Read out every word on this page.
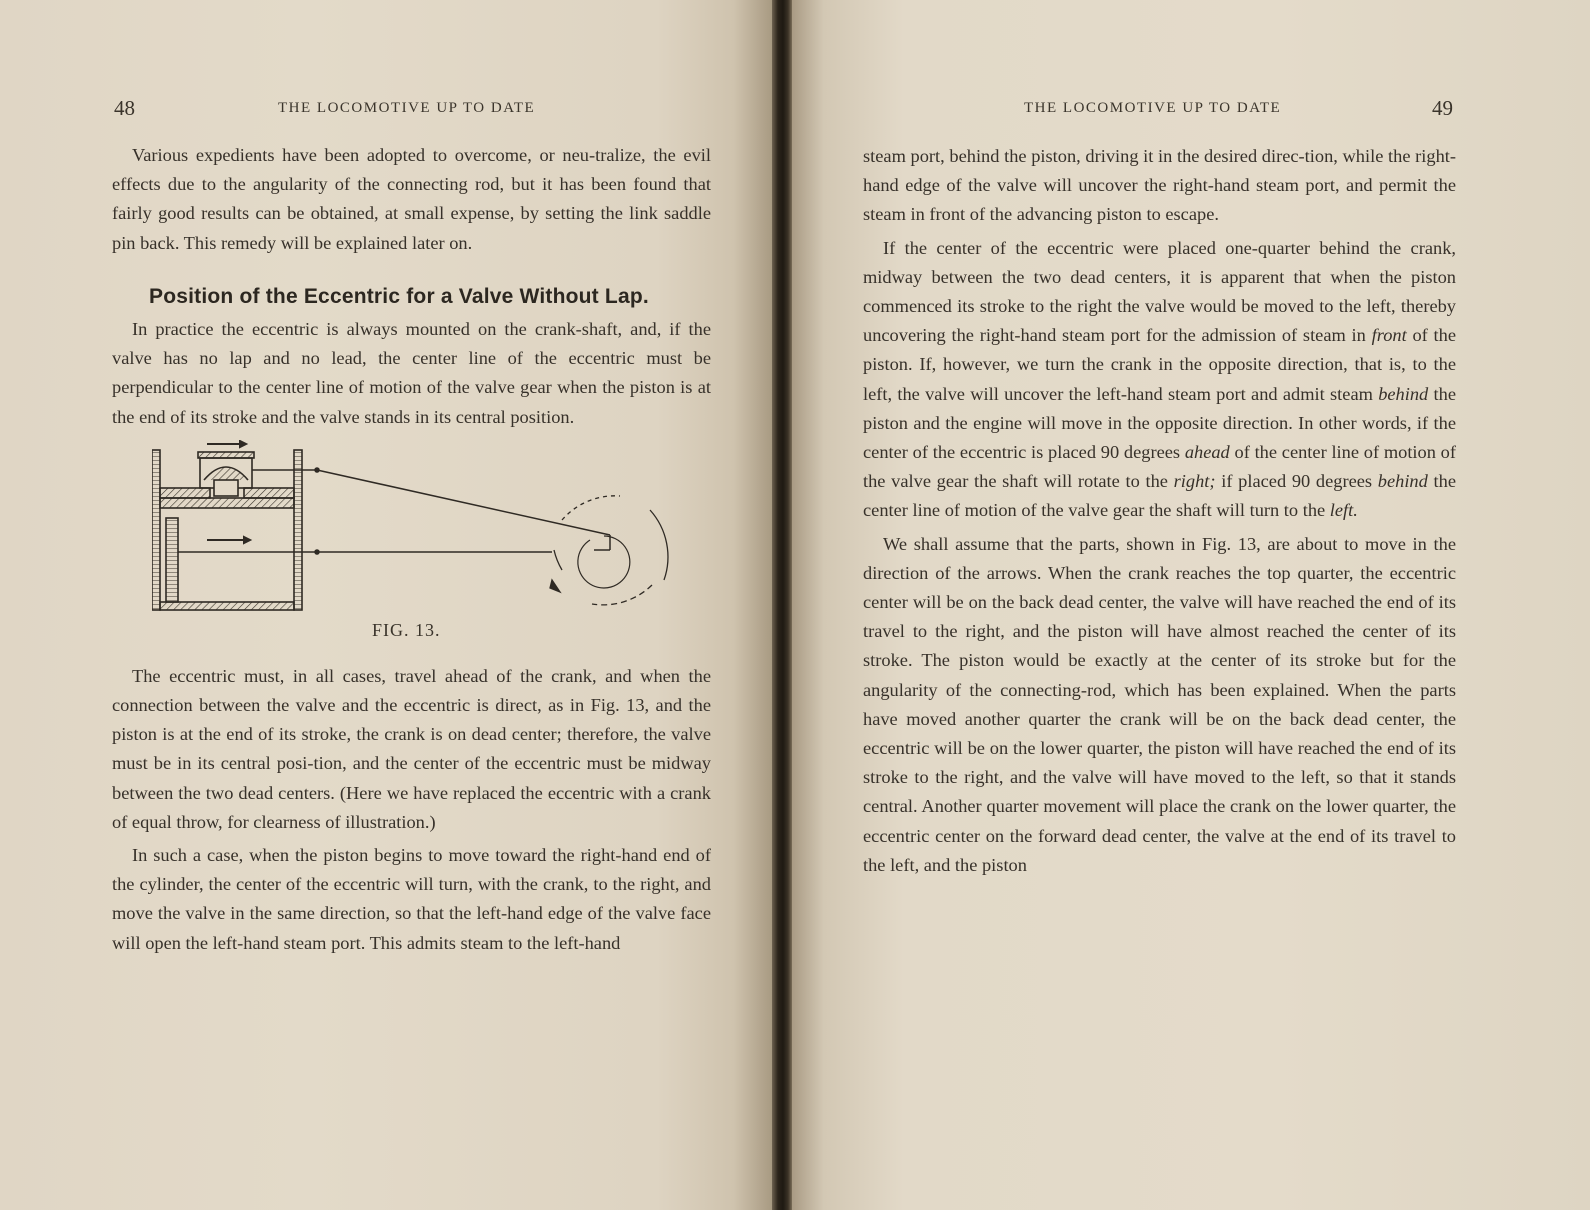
48	THE LOCOMOTIVE UP TO DATE

Various expedients have been adopted to overcome, or neu-tralize, the evil effects due to the angularity of the connecting rod, but it has been found that fairly good results can be obtained, at small expense, by setting the link saddle pin back. This remedy will be explained later on.

Position of the Eccentric for a Valve Without Lap.

In practice the eccentric is always mounted on the crank-shaft, and, if the valve has no lap and no lead, the center line of the eccentric must be perpendicular to the center line of motion of the valve gear when the piston is at the end of its stroke and the valve stands in its central position.

FIG. 13.

The eccentric must, in all cases, travel ahead of the crank, and when the connection between the valve and the eccentric is direct, as in Fig. 13, and the piston is at the end of its stroke, the crank is on dead center; therefore, the valve must be in its central posi-tion, and the center of the eccentric must be midway between the two dead centers. (Here we have replaced the eccentric with a crank of equal throw, for clearness of illustration.)

In such a case, when the piston begins to move toward the right-hand end of the cylinder, the center of the eccentric will turn, with the crank, to the right, and move the valve in the same direction, so that the left-hand edge of the valve face will open the left-hand steam port. This admits steam to the left-hand

THE LOCOMOTIVE UP TO DATE	49

steam port, behind the piston, driving it in the desired direc-tion, while the right-hand edge of the valve will uncover the right-hand steam port, and permit the steam in front of the advancing piston to escape.

If the center of the eccentric were placed one-quarter behind the crank, midway between the two dead centers, it is apparent that when the piston commenced its stroke to the right the valve would be moved to the left, thereby uncovering the right-hand steam port for the admission of steam in front of the piston. If, however, we turn the crank in the opposite direction, that is, to the left, the valve will uncover the left-hand steam port and admit steam behind the piston and the engine will move in the opposite direction. In other words, if the center of the eccentric is placed 90 degrees ahead of the center line of motion of the valve gear the shaft will rotate to the right; if placed 90 degrees behind the center line of motion of the valve gear the shaft will turn to the left.

We shall assume that the parts, shown in Fig. 13, are about to move in the direction of the arrows. When the crank reaches the top quarter, the eccentric center will be on the back dead center, the valve will have reached the end of its travel to the right, and the piston will have almost reached the center of its stroke. The piston would be exactly at the center of its stroke but for the angularity of the connecting-rod, which has been explained. When the parts have moved another quarter the crank will be on the back dead center, the eccentric will be on the lower quarter, the piston will have reached the end of its stroke to the right, and the valve will have moved to the left, so that it stands central. Another quarter movement will place the crank on the lower quarter, the eccentric center on the forward dead center, the valve at the end of its travel to the left, and the piston
